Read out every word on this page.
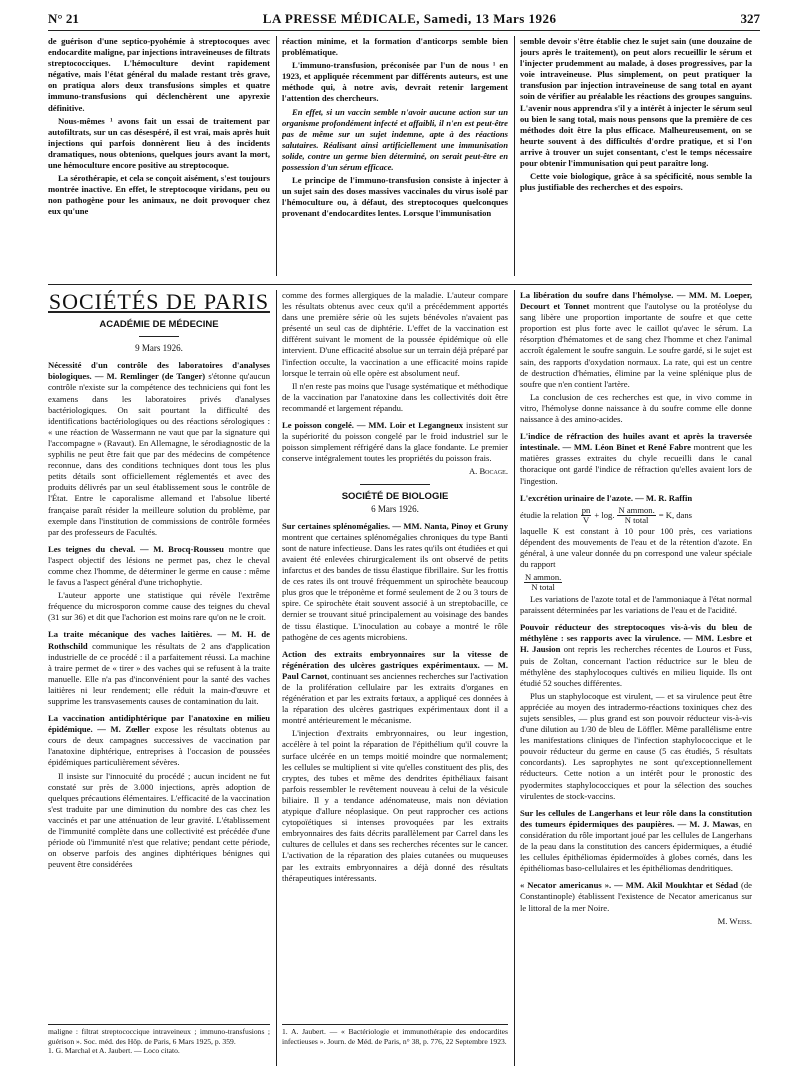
N° 21	LA PRESSE MÉDICALE, Samedi, 13 Mars 1926	327

de guérison d'une septico-pyohémie à streptocoques avec endocardite maligne, par injections intraveineuses de filtrats streptococciques. L'hémoculture devint rapidement négative, mais l'état général du malade restant très grave, on pratiqua alors deux transfusions simples et quatre immuno-transfusions qui déclenchèrent une apyrexie définitive.

Nous-mêmes ¹ avons fait un essai de traitement par autofiltrats, sur un cas désespéré, il est vrai, mais après huit injections qui parfois donnèrent lieu à des incidents dramatiques, nous obtenions, quelques jours avant la mort, une hémoculture encore positive au streptocoque.

La sérothérapie, et cela se conçoit aisément, s'est toujours montrée inactive. En effet, le streptocoque viridans, peu ou non pathogène pour les animaux, ne doit provoquer chez eux qu'une

réaction minime, et la formation d'anticorps semble bien problématique.

L'immuno-transfusion, préconisée par l'un de nous ¹ en 1923, et appliquée récemment par différents auteurs, est une méthode qui, à notre avis, devrait retenir largement l'attention des chercheurs.

En effet, si un vaccin semble n'avoir aucune action sur un organisme profondément infecté et affaibli, il n'en est peut-être pas de même sur un sujet indemne, apte à des réactions salutaires. Réalisant ainsi artificiellement une immunisation solide, contre un germe bien déterminé, on serait peut-être en possession d'un sérum efficace.

Le principe de l'immuno-transfusion consiste à injecter à un sujet sain des doses massives vaccinales du virus isolé par l'hémoculture ou, à défaut, des streptocoques quelconques provenant d'endocardites lentes. Lorsque l'immunisation

semble devoir s'être établie chez le sujet sain (une douzaine de jours après le traitement), on peut alors recueillir le sérum et l'injecter prudemment au malade, à doses progressives, par la voie intraveineuse. Plus simplement, on peut pratiquer la transfusion par injection intraveineuse de sang total en ayant soin de vérifier au préalable les réactions des groupes sanguins. L'avenir nous apprendra s'il y a intérêt à injecter le sérum seul ou bien le sang total, mais nous pensons que la première de ces méthodes doit être la plus efficace. Malheureusement, on se heurte souvent à des difficultés d'ordre pratique, et si l'on arrive à trouver un sujet consentant, c'est le temps nécessaire pour obtenir l'immunisation qui peut paraître long.

Cette voie biologique, grâce à sa spécificité, nous semble la plus justifiable des recherches et des espoirs.

SOCIÉTÉS DE PARIS
ACADÉMIE DE MÉDECINE
9 Mars 1926.

Nécessité d'un contrôle des laboratoires d'analyses biologiques. — M. Remlinger (de Tanger) s'étonne qu'aucun contrôle n'existe sur la compétence des techniciens qui font les examens dans les laboratoires privés d'analyses bactériologiques. On sait pourtant la difficulté des identifications bactériologiques ou des réactions sérologiques : « une réaction de Wassermann ne vaut que par la signature qui l'accompagne » (Ravaut). En Allemagne, le sérodiagnostic de la syphilis ne peut être fait que par des médecins de compétence reconnue, dans des conditions techniques dont tous les plus petits détails sont officiellement réglementés et avec des produits délivrés par un seul établissement sous le contrôle de l'État. Entre le caporalisme allemand et l'absolue liberté française paraît résider la meilleure solution du problème, par exemple dans l'institution de commissions de contrôle formées par des professeurs de Facultés.

Les teignes du cheval. — M. Brocq-Rousseu montre que l'aspect objectif des lésions ne permet pas, chez le cheval comme chez l'homme, de déterminer le germe en cause : même le favus a l'aspect général d'une trichophytie.

L'auteur apporte une statistique qui révèle l'extrême fréquence du microsporon comme cause des teignes du cheval (31 sur 36) et dit que l'achorion est moins rare qu'on ne le croit.

La traite mécanique des vaches laitières. — M. H. de Rothschild communique les résultats de 2 ans d'application industrielle de ce procédé : il a parfaitement réussi. La machine à traire permet de « tirer » des vaches qui se refusent à la traite manuelle. Elle n'a pas d'inconvénient pour la santé des vaches laitières ni leur rendement; elle réduit la main-d'œuvre et supprime les transvasements causes de contamination du lait.

La vaccination antidiphtérique par l'anatoxine en milieu épidémique. — M. Zœller expose les résultats obtenus au cours de deux campagnes successives de vaccination par l'anatoxine diphtérique, entreprises à l'occasion de poussées épidémiques particulièrement sévères.

Il insiste sur l'innocuité du procédé ; aucun incident ne fut constaté sur près de 3.000 injections, après adoption de quelques précautions élémentaires. L'efficacité de la vaccination s'est traduite par une diminution du nombre des cas chez les vaccinés et par une atténuation de leur gravité. L'établissement de l'immunité complète dans une collectivité est précédée d'une période où l'immunité n'est que relative; pendant cette période, on observe parfois des angines diphtériques bénignes qui peuvent être considérées

maligne : filtrat streptococcique intraveineux ; immuno-transfusions ; guérison ». Soc. méd. des Hôp. de Paris, 6 Mars 1925, p. 359.
1. G. Marchal et A. Jaubert. — Loco citato.

comme des formes allergiques de la maladie. L'auteur compare les résultats obtenus avec ceux qu'il a précédemment apportés dans une première série où les sujets bénévoles n'avaient pas présenté un seul cas de diphtérie. L'effet de la vaccination est différent suivant le moment de la poussée épidémique où elle intervient. D'une efficacité absolue sur un terrain déjà préparé par l'infection occulte, la vaccination a une efficacité moins rapide lorsque le terrain où elle opère est absolument neuf.

Il n'en reste pas moins que l'usage systématique et méthodique de la vaccination par l'anatoxine dans les collectivités doit être recommandé et largement répandu.

Le poisson congelé. — MM. Loir et Legangneux insistent sur la supériorité du poisson congelé par le froid industriel sur le poisson simplement réfrigéré dans la glace fondante. Le premier conserve intégralement toutes les propriétés du poisson frais.

A. Bocage.
SOCIÉTÉ DE BIOLOGIE
6 Mars 1926.

Sur certaines splénomégalies. — MM. Nanta, Pinoy et Gruny montrent que certaines splénomégalies chroniques du type Banti sont de nature infectieuse. Dans les rates qu'ils ont étudiées et qui avaient été enlevées chirurgicalement ils ont observé de petits infarctus et des bandes de tissu élastique fibrillaire. Sur les frottis de ces rates ils ont trouvé fréquemment un spirochète beaucoup plus gros que le tréponème et formé seulement de 2 ou 3 tours de spire. Ce spirochète était souvent associé à un streptobacille, ce dernier se trouvant situé principalement au voisinage des bandes de tissu élastique. L'inoculation au cobaye a montré le rôle pathogène de ces agents microbiens.

Action des extraits embryonnaires sur la vitesse de régénération des ulcères gastriques expérimentaux. — M. Paul Carnot, continuant ses anciennes recherches sur l'activation de la prolifération cellulaire par les extraits d'organes en régénération et par les extraits fœtaux, a appliqué ces données à la réparation des ulcères gastriques expérimentaux dont il a montré antérieurement le mécanisme.

L'injection d'extraits embryonnaires, ou leur ingestion, accélère à tel point la réparation de l'épithélium qu'il couvre la surface ulcérée en un temps moitié moindre que normalement; les cellules se multiplient si vite qu'elles constituent des plis, des cryptes, des tubes et même des dendrites épithéliaux faisant parfois ressembler le revêtement nouveau à celui de la vésicule biliaire. Il y a tendance adénomateuse, mais non déviation atypique d'allure néoplasique. On peut rapprocher ces actions cytopoïétiques si intenses provoquées par les extraits embryonnaires des faits décrits parallèlement par Carrel dans les cultures de cellules et dans ses recherches récentes sur le cancer. L'activation de la réparation des plaies cutanées ou muqueuses par les extraits embryonnaires a déjà donné des résultats thérapeutiques intéressants.

1. A. Jaubert. — « Bactériologie et immunothérapie des endocardites infectieuses ». Journ. de Méd. de Paris, n° 38, p. 776, 22 Septembre 1923.

La libération du soufre dans l'hémolyse. — MM. M. Loeper, Decourt et Tonnet montrent que l'autolyse ou la protéolyse du sang libère une proportion importante de soufre et que cette proportion est plus forte avec le caillot qu'avec le sérum. La résorption d'hématomes et de sang chez l'homme et chez l'animal accroît également le soufre sanguin. Le soufre gardé, si le sujet est sain, des rapports d'oxydation normaux. La rate, qui est un centre de destruction d'hématies, élimine par la veine splénique plus de soufre que n'en contient l'artère.

La conclusion de ces recherches est que, in vivo comme in vitro, l'hémolyse donne naissance à du soufre comme elle donne naissance à des amino-acides.

L'indice de réfraction des huiles avant et après la traversée intestinale. — MM. Léon Binet et René Fabre montrent que les matières grasses extraites du chyle recueilli dans le canal thoracique ont gardé l'indice de réfraction qu'elles avaient lors de l'ingestion.

L'excrétion urinaire de l'azote. — M. R. Raffin

étudie la relation pn
V
+ log. N ammon.
N total
= K, dans

laquelle K est constant à 10 pour 100 près, ces variations dépendent des mouvements de l'eau et de la rétention d'azote. En général, à une valeur donnée du pn correspond une valeur spéciale du rapport

N ammon.
N total

Les variations de l'azote total et de l'ammoniaque à l'état normal paraissent déterminées par les variations de l'eau et de l'acidité.

Pouvoir réducteur des streptocoques vis-à-vis du bleu de méthylène : ses rapports avec la virulence. — MM. Lesbre et H. Jausion ont repris les recherches récentes de Louros et Fuss, puis de Zoltan, concernant l'action réductrice sur le bleu de méthylène des staphylocoques cultivés en milieu liquide. Ils ont étudié 52 souches différentes.

Plus un staphylocoque est virulent, — et sa virulence peut être appréciée au moyen des intradermo-réactions toxiniques chez des sujets sensibles, — plus grand est son pouvoir réducteur vis-à-vis d'une dilution au 1/30 de bleu de Löffler. Même parallélisme entre les manifestations cliniques de l'infection staphylococcique et le pouvoir réducteur du germe en cause (5 cas étudiés, 5 résultats concordants). Les saprophytes ne sont qu'exceptionnellement réducteurs. Cette notion a un intérêt pour le pronostic des pyodermites staphylococciques et pour la sélection des souches virulentes de stock-vaccins.

Sur les cellules de Langerhans et leur rôle dans la constitution des tumeurs épidermiques des paupières. — M. J. Mawas, en considération du rôle important joué par les cellules de Langerhans de la peau dans la constitution des cancers épidermiques, a étudié les cellules épithéliomas épidermoïdes à globes cornés, dans les épithéliomas baso-cellulaires et les épithéliomas dendritiques.

« Necator americanus ». — MM. Akil Moukhtar et Sédad (de Constantinople) établissent l'existence de Necator americanus sur le littoral de la mer Noire.

M. Weiss.
